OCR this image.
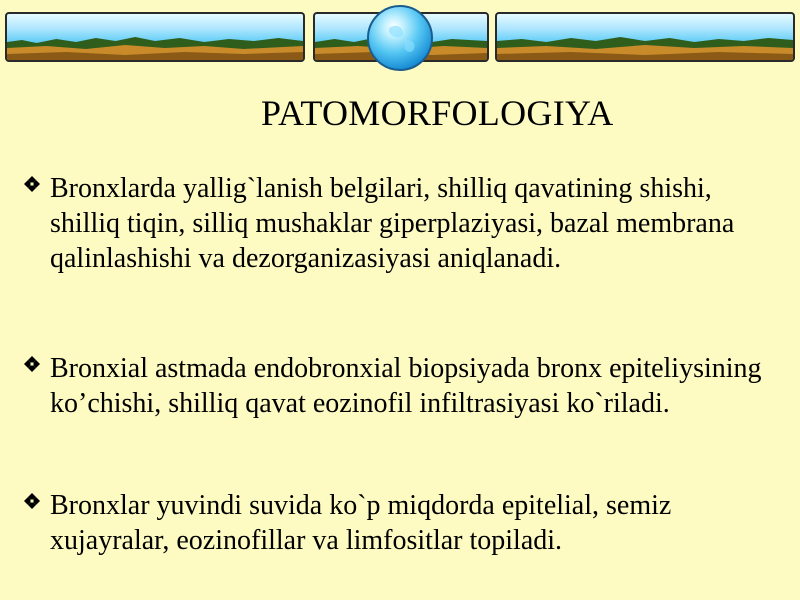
PATOMORFOLOGIYA
Bronxlarda yallig`lanish belgilari, shilliq qavatining shishi, shilliq tiqin, silliq mushaklar giperplaziyasi, bazal membrana qalinlashishi va dezorganizasiyasi aniqlanadi.
Bronxial astmada endobronxial biopsiyada bronx epiteliysining ko’chishi, shilliq qavat eozinofil infiltrasiyasi ko`riladi.
Bronxlar yuvindi suvida ko`p miqdorda epitelial, semiz xujayralar, eozinofillar va limfositlar topiladi.
